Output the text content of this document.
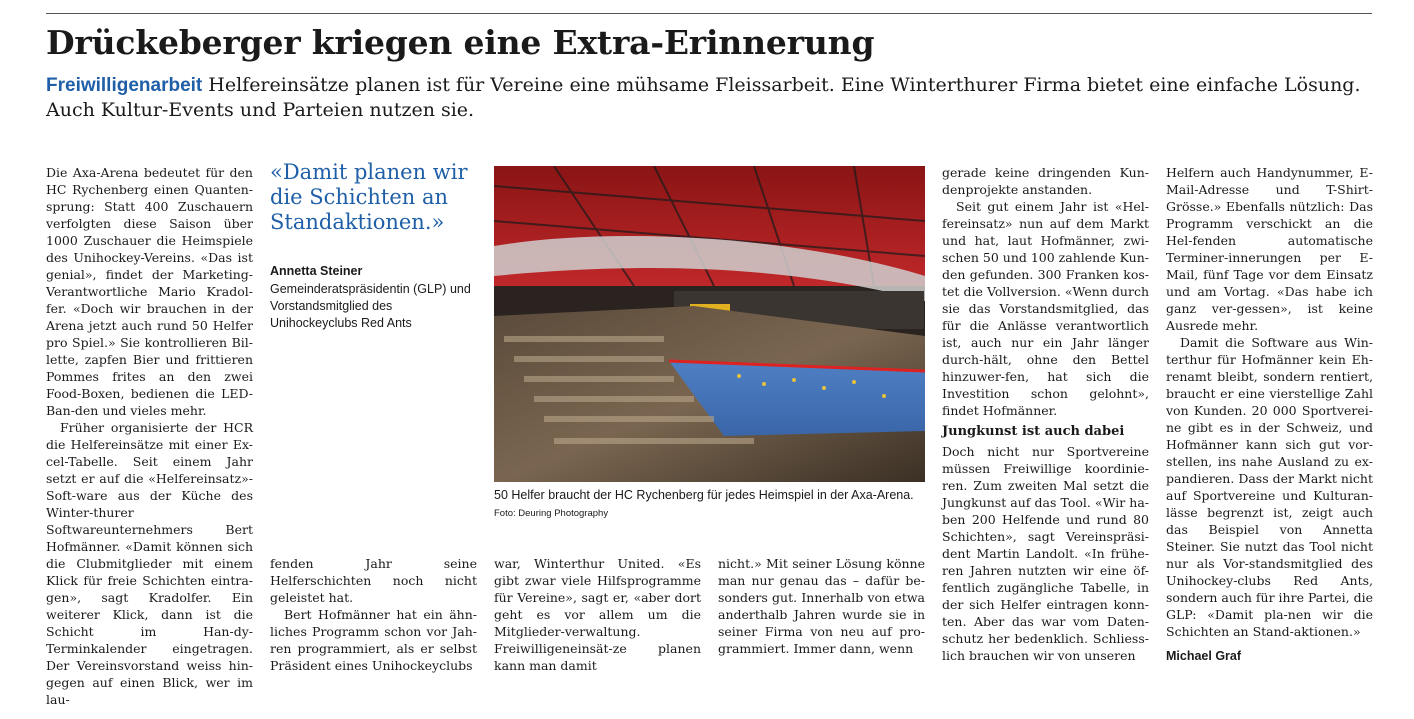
Drückeberger kriegen eine Extra-Erinnerung
Freiwilligenarbeit Helfereinsätze planen ist für Vereine eine mühsame Fleissarbeit. Eine Winterthurer Firma bietet eine einfache Lösung. Auch Kultur-Events und Parteien nutzen sie.

Die Axa-Arena bedeutet für den HC Rychenberg einen Quanten-sprung: Statt 400 Zuschauern verfolgten diese Saison über 1000 Zuschauer die Heimspiele des Unihockey-Vereins. «Das ist genial», findet der Marketing-Verantwortliche Mario Kradol-fer. «Doch wir brauchen in der Arena jetzt auch rund 50 Helfer pro Spiel.» Sie kontrollieren Bil-lette, zapfen Bier und frittieren Pommes frites an den zwei Food-Boxen, bedienen die LED-Ban-den und vieles mehr.

Früher organisierte der HCR die Helfereinsätze mit einer Ex-cel-Tabelle. Seit einem Jahr setzt er auf die «Helfereinsatz»-Soft-ware aus der Küche des Winter-thurer Softwareunternehmers Bert Hofmänner. «Damit können sich die Clubmitglieder mit einem Klick für freie Schichten eintra-gen», sagt Kradolfer. Ein weiterer Klick, dann ist die Schicht im Han-dy-Terminkalender eingetragen. Der Vereinsvorstand weiss hin-gegen auf einen Blick, wer im lau-

«Damit planen wir die Schichten an Standaktionen.»
Annetta Steiner
Gemeinderatspräsidentin (GLP) und Vorstandsmitglied des Unihockeyclubs Red Ants
50 Helfer braucht der HC Rychenberg für jedes Heimspiel in der Axa-Arena. Foto: Deuring Photography

fenden Jahr seine Helferschichten noch nicht geleistet hat.

Bert Hofmänner hat ein ähn-liches Programm schon vor Jah-ren programmiert, als er selbst Präsident eines Unihockeyclubs

war, Winterthur United. «Es gibt zwar viele Hilfsprogramme für Vereine», sagt er, «aber dort geht es vor allem um die Mitglieder-verwaltung. Freiwilligeneinsät-ze planen kann man damit

nicht.» Mit seiner Lösung könne man nur genau das – dafür be-sonders gut. Innerhalb von etwa anderthalb Jahren wurde sie in seiner Firma von neu auf pro-grammiert. Immer dann, wenn

gerade keine dringenden Kun-denprojekte anstanden.

Seit gut einem Jahr ist «Hel-fereinsatz» nun auf dem Markt und hat, laut Hofmänner, zwi-schen 50 und 100 zahlende Kun-den gefunden. 300 Franken kos-tet die Vollversion. «Wenn durch sie das Vorstandsmitglied, das für die Anlässe verantwortlich ist, auch nur ein Jahr länger durch-hält, ohne den Bettel hinzuwer-fen, hat sich die Investition schon gelohnt», findet Hofmänner.

Jungkunst ist auch dabei

Doch nicht nur Sportvereine müssen Freiwillige koordinie-ren. Zum zweiten Mal setzt die Jungkunst auf das Tool. «Wir ha-ben 200 Helfende und rund 80 Schichten», sagt Vereinspräsi-dent Martin Landolt. «In frühe-ren Jahren nutzten wir eine öf-fentlich zugängliche Tabelle, in der sich Helfer eintragen konn-ten. Aber das war vom Daten-schutz her bedenklich. Schliess-lich brauchen wir von unseren

Helfern auch Handynummer, E-Mail-Adresse und T-Shirt-Grösse.» Ebenfalls nützlich: Das Programm verschickt an die Hel-fenden automatische Terminer-innerungen per E-Mail, fünf Tage vor dem Einsatz und am Vortag. «Das habe ich ganz ver-gessen», ist keine Ausrede mehr.

Damit die Software aus Win-terthur für Hofmänner kein Eh-renamt bleibt, sondern rentiert, braucht er eine vierstellige Zahl von Kunden. 20 000 Sportverei-ne gibt es in der Schweiz, und Hofmänner kann sich gut vor-stellen, ins nahe Ausland zu ex-pandieren. Dass der Markt nicht auf Sportvereine und Kulturan-lässe begrenzt ist, zeigt auch das Beispiel von Annetta Steiner. Sie nutzt das Tool nicht nur als Vor-standsmitglied des Unihockey-clubs Red Ants, sondern auch für ihre Partei, die GLP: «Damit pla-nen wir die Schichten an Stand-aktionen.»

Michael Graf
